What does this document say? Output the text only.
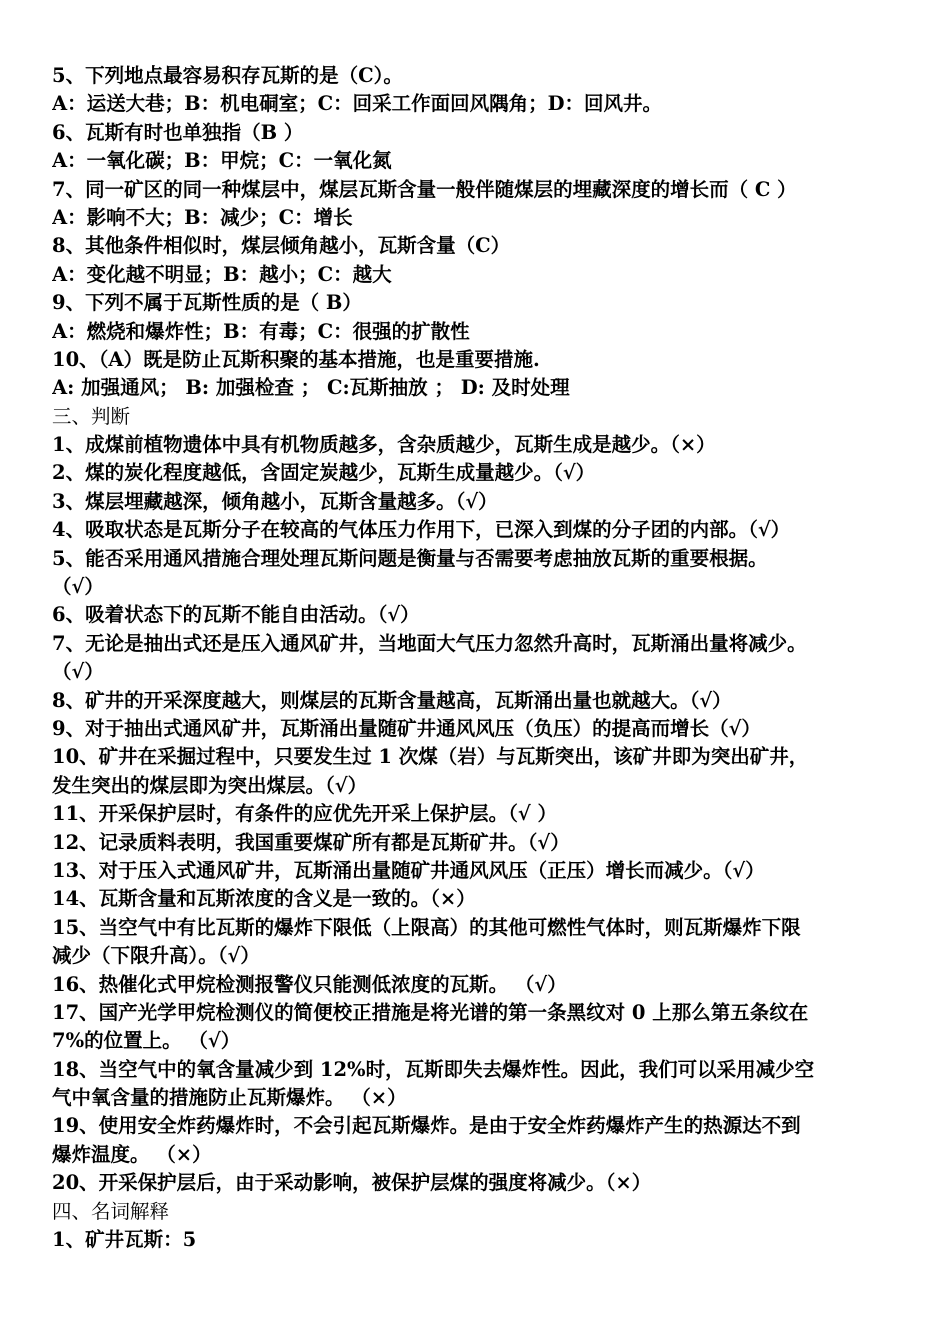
5、下列地点最容易积存瓦斯的是（C）。
A：运送大巷；B：机电硐室；C：回采工作面回风隅角；D：回风井。
6、瓦斯有时也单独指（B ）
A：一氧化碳；B：甲烷；C：一氧化氮
7、同一矿区的同一种煤层中，煤层瓦斯含量一般伴随煤层的埋藏深度的增长而（ C ）
A：影响不大；B：减少；C：增长
8、其他条件相似时，煤层倾角越小，瓦斯含量（C）
A：变化越不明显；B：越小；C：越大
9、下列不属于瓦斯性质的是（ B）
A：燃烧和爆炸性；B：有毒；C：很强的扩散性
10、（A）既是防止瓦斯积聚的基本措施，也是重要措施.
A: 加强通风； B: 加强检查 ； C:瓦斯抽放 ； D: 及时处理
三、判断
1、成煤前植物遗体中具有机物质越多，含杂质越少，瓦斯生成是越少。（×）
2、煤的炭化程度越低，含固定炭越少，瓦斯生成量越少。（√）
3、煤层埋藏越深，倾角越小，瓦斯含量越多。（√）
4、吸取状态是瓦斯分子在较高的气体压力作用下，已深入到煤的分子团的内部。（√）
5、能否采用通风措施合理处理瓦斯问题是衡量与否需要考虑抽放瓦斯的重要根据。
（√）
6、吸着状态下的瓦斯不能自由活动。（√）
7、无论是抽出式还是压入通风矿井，当地面大气压力忽然升高时，瓦斯涌出量将减少。
（√）
8、矿井的开采深度越大，则煤层的瓦斯含量越高，瓦斯涌出量也就越大。（√）
9、对于抽出式通风矿井，瓦斯涌出量随矿井通风风压（负压）的提高而增长（√）
10、矿井在采掘过程中，只要发生过 1 次煤（岩）与瓦斯突出，该矿井即为突出矿井，
发生突出的煤层即为突出煤层。（√）
11、开采保护层时，有条件的应优先开采上保护层。（√ ）
12、记录质料表明，我国重要煤矿所有都是瓦斯矿井。（√）
13、对于压入式通风矿井，瓦斯涌出量随矿井通风风压（正压）增长而减少。（√）
14、瓦斯含量和瓦斯浓度的含义是一致的。（×）
15、当空气中有比瓦斯的爆炸下限低（上限高）的其他可燃性气体时，则瓦斯爆炸下限
减少（下限升高）。（√）
16、热催化式甲烷检测报警仪只能测低浓度的瓦斯。 （√）
17、国产光学甲烷检测仪的简便校正措施是将光谱的第一条黑纹对 0 上那么第五条纹在
7%的位置上。 （√）
18、当空气中的氧含量减少到 12%时，瓦斯即失去爆炸性。因此，我们可以采用减少空
气中氧含量的措施防止瓦斯爆炸。 （×）
19、使用安全炸药爆炸时，不会引起瓦斯爆炸。是由于安全炸药爆炸产生的热源达不到
爆炸温度。 （×）
20、开采保护层后，由于采动影响，被保护层煤的强度将减少。（×）
四、名词解释
1、矿井瓦斯：5
